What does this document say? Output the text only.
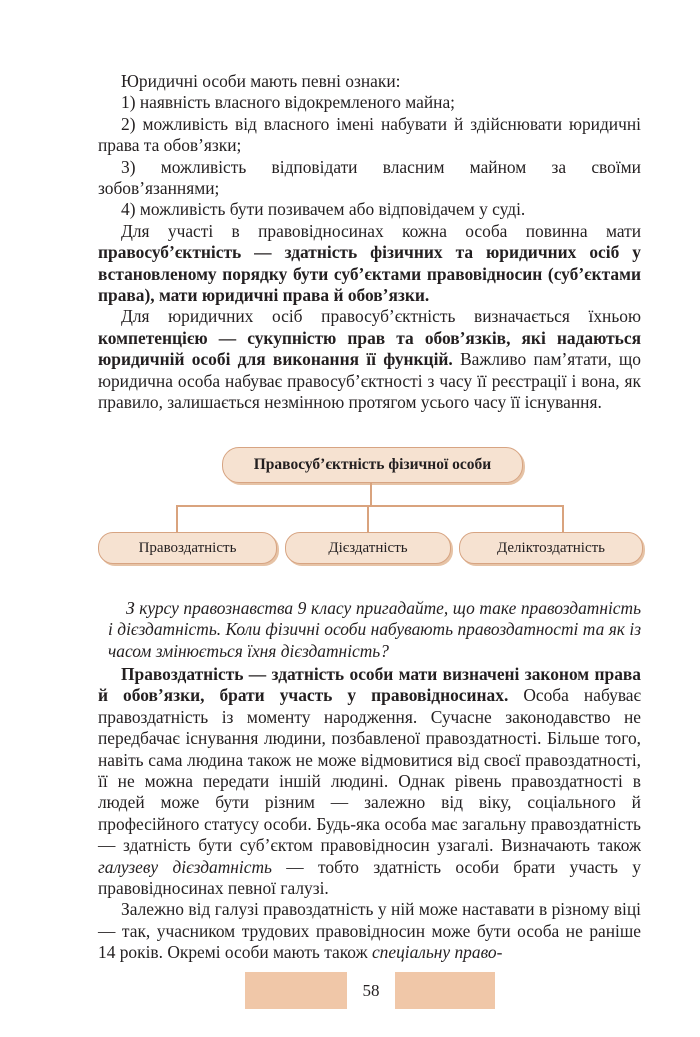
Юридичні особи мають певні ознаки:

1) наявність власного відокремленого майна;

2) можливість від власного імені набувати й здійснювати юридичні права та обов’язки;

3) можливість відповідати власним майном за своїми зобов’язаннями;

4) можливість бути позивачем або відповідачем у суді.

Для участі в правовідносинах кожна особа повинна мати правосуб’єктність — здатність фізичних та юридичних осіб у встановленому порядку бути суб’єктами правовідносин (суб’єктами права), мати юридичні права й обов’язки.

Для юридичних осіб правосуб’єктність визначається їхньою компетенцією — сукупністю прав та обов’язків, які надаються юридичній особі для виконання її функцій. Важливо пам’ятати, що юридична особа набуває правосуб’єктності з часу її реєстрації і вона, як правило, залишається незмінною протягом усього часу її існування.

Правосуб’єктність фізичної особи
Правоздатність	Дієздатність	Деліктоздатність

З курсу правознавства 9 класу пригадайте, що таке правоздатність і дієздатність. Коли фізичні особи набувають правоздатності та як із часом змінюється їхня дієздатність?

Правоздатність — здатність особи мати визначені законом права й обов’язки, брати участь у правовідносинах. Особа набуває правоздатність із моменту народження. Сучасне законодавство не передбачає існування людини, позбавленої правоздатності. Більше того, навіть сама людина також не може відмовитися від своєї правоздатності, її не можна передати іншій людині. Однак рівень правоздатності в людей може бути різним — залежно від віку, соціального й професійного статусу особи. Будь-яка особа має загальну правоздатність — здатність бути суб’єктом правовідносин узагалі. Визначають також галузеву дієздатність — тобто здатність особи брати участь у правовідносинах певної галузі.

Залежно від галузі правоздатність у ній може наставати в різному віці — так, учасником трудових правовідносин може бути особа не раніше 14 років. Окремі особи мають також спеціальну право-

58
